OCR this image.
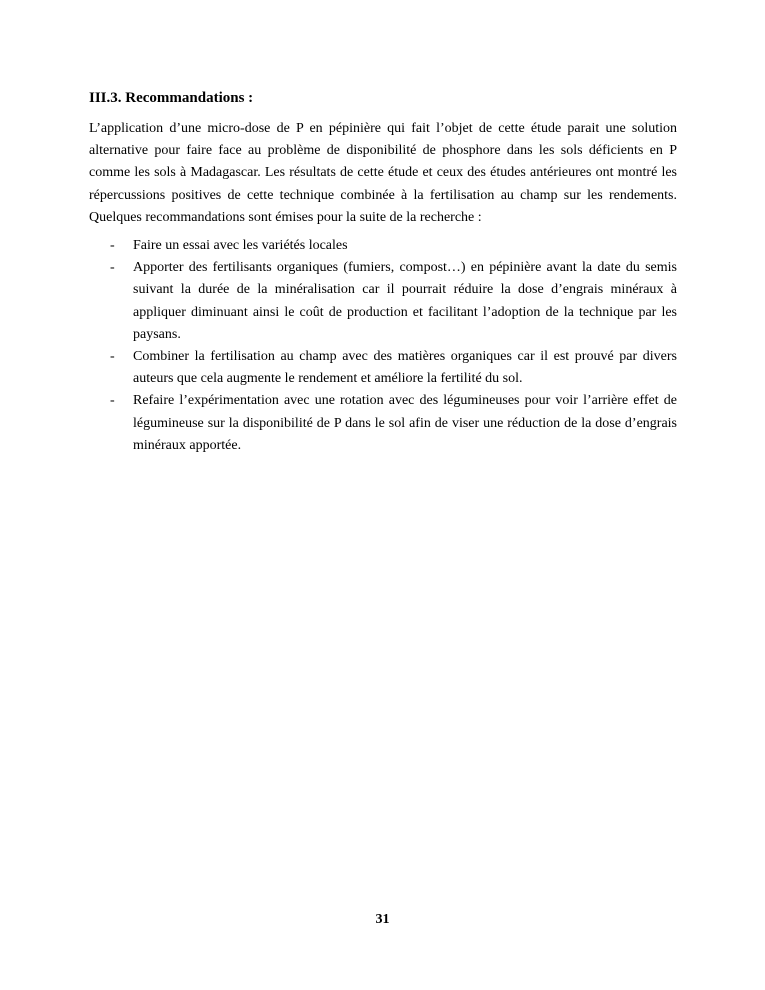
III.3. Recommandations :

L’application d’une micro-dose de P en pépinière qui fait l’objet de cette étude parait une solution alternative pour faire face au problème de disponibilité de phosphore dans les sols déficients en P comme les sols à Madagascar. Les résultats de cette étude et ceux des études antérieures ont montré les répercussions positives de cette technique combinée à la fertilisation au champ sur les rendements. Quelques recommandations sont émises pour la suite de la recherche :

- Faire un essai avec les variétés locales
- Apporter des fertilisants organiques (fumiers, compost…) en pépinière avant la date du semis suivant la durée de la minéralisation car il pourrait réduire la dose d’engrais minéraux à appliquer diminuant ainsi le coût de production et facilitant l’adoption de la technique par les paysans.
- Combiner la fertilisation au champ avec des matières organiques car il est prouvé par divers auteurs que cela augmente le rendement et améliore la fertilité du sol.
- Refaire l’expérimentation avec une rotation avec des légumineuses pour voir l’arrière effet de légumineuse sur la disponibilité de P dans le sol afin de viser une réduction de la dose d’engrais minéraux apportée.
31
